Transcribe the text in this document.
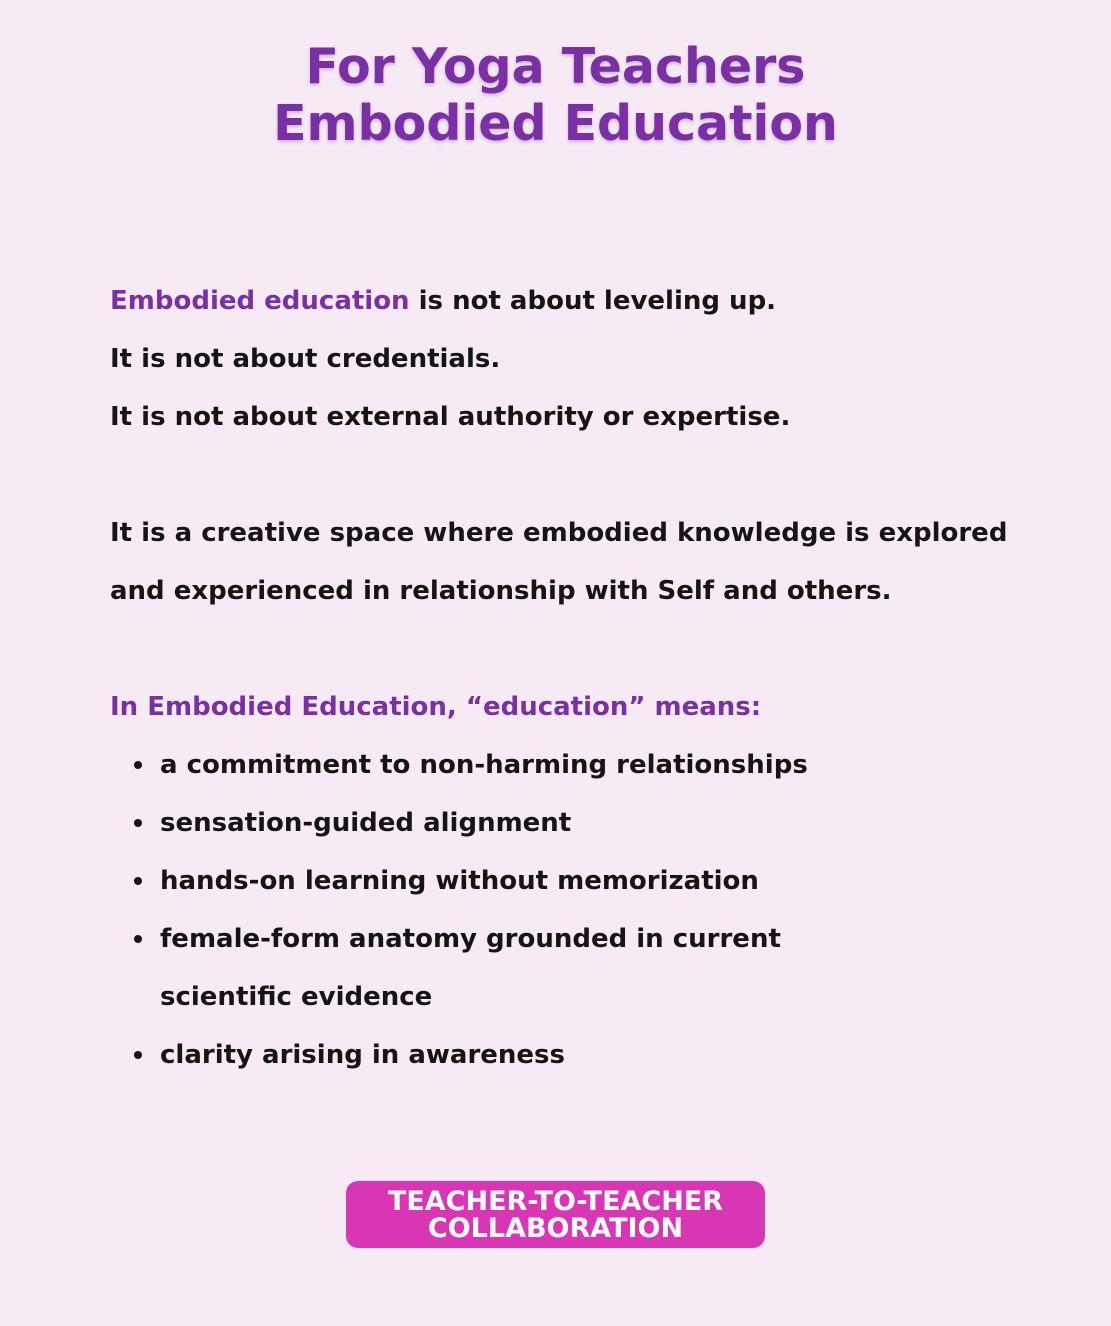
For Yoga Teachers
Embodied Education

Embodied education is not about leveling up.

It is not about credentials.

It is not about external authority or expertise.

It is a creative space where embodied knowledge is explored

and experienced in relationship with Self and others.

In Embodied Education, “education” means:

a commitment to non-harming relationships
sensation-guided alignment
hands-on learning without memorization
female-form anatomy grounded in current scientific evidence
clarity arising in awareness
TEACHER-TO-TEACHER
COLLABORATION
